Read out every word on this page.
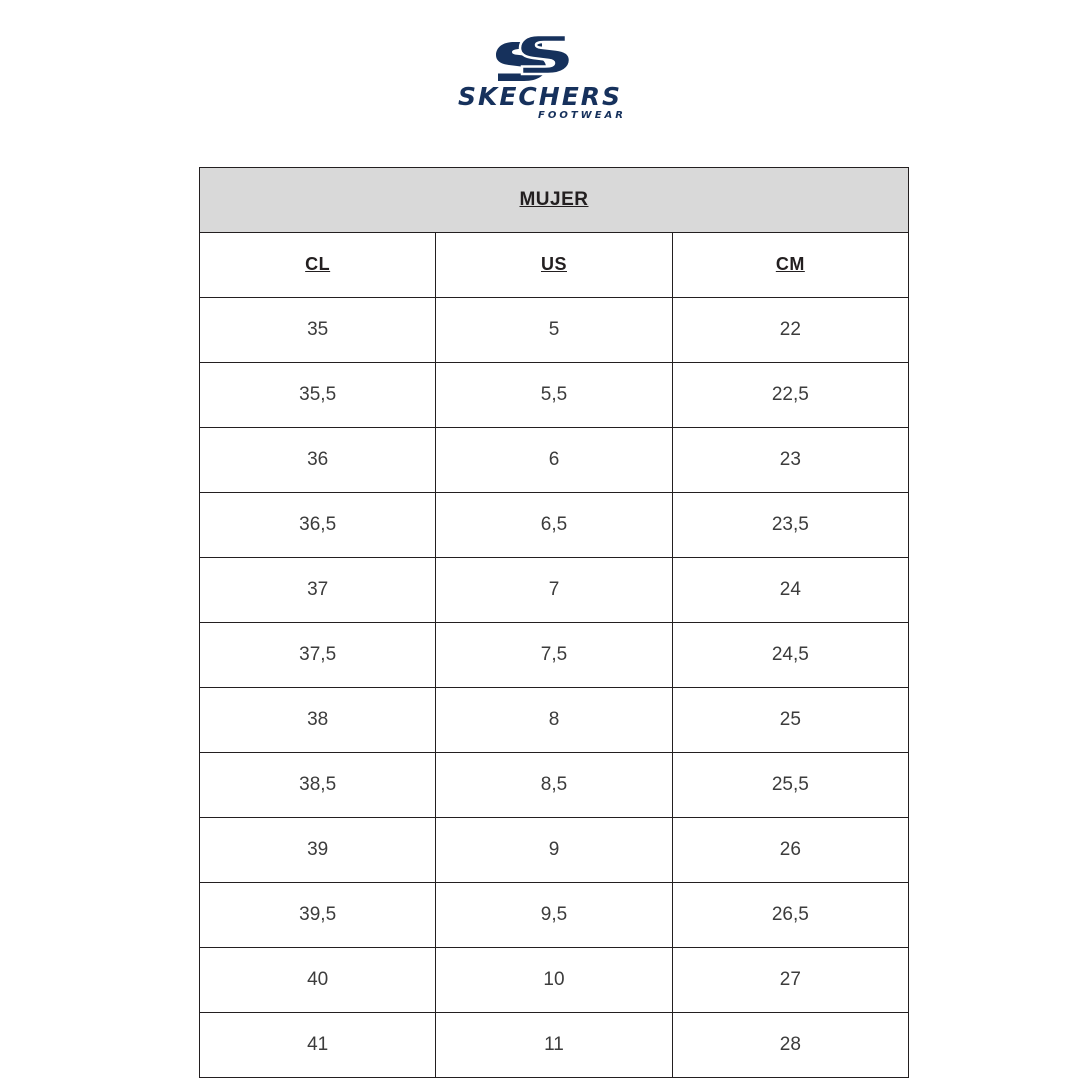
SKECHERS
FOOTWEAR
MUJER		
CL	US	CM
35	5	22
35,5	5,5	22,5
36	6	23
36,5	6,5	23,5
37	7	24
37,5	7,5	24,5
38	8	25
38,5	8,5	25,5
39	9	26
39,5	9,5	26,5
40	10	27
41	11	28
